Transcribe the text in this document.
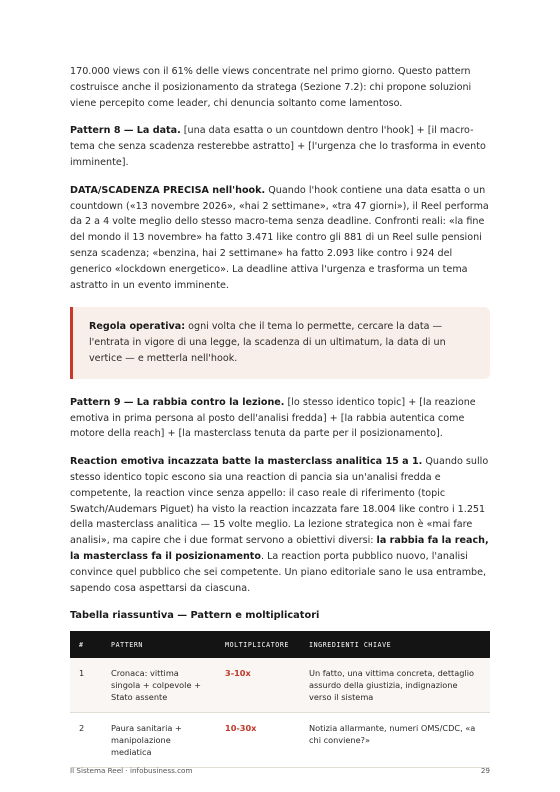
170.000 views con il 61% delle views concentrate nel primo giorno. Questo pattern costruisce anche il posizionamento da stratega (Sezione 7.2): chi propone soluzioni viene percepito come leader, chi denuncia soltanto come lamentoso.

Pattern 8 — La data. [una data esatta o un countdown dentro l'hook] + [il macro-tema che senza scadenza resterebbe astratto] + [l'urgenza che lo trasforma in evento imminente].

DATA/SCADENZA PRECISA nell'hook. Quando l'hook contiene una data esatta o un countdown («13 novembre 2026», «hai 2 settimane», «tra 47 giorni»), il Reel performa da 2 a 4 volte meglio dello stesso macro-tema senza deadline. Confronti reali: «la fine del mondo il 13 novembre» ha fatto 3.471 like contro gli 881 di un Reel sulle pensioni senza scadenza; «benzina, hai 2 settimane» ha fatto 2.093 like contro i 924 del generico «lockdown energetico». La deadline attiva l'urgenza e trasforma un tema astratto in un evento imminente.

Regola operativa: ogni volta che il tema lo permette, cercare la data — l'entrata in vigore di una legge, la scadenza di un ultimatum, la data di un vertice — e metterla nell'hook.

Pattern 9 — La rabbia contro la lezione. [lo stesso identico topic] + [la reazione emotiva in prima persona al posto dell'analisi fredda] + [la rabbia autentica come motore della reach] + [la masterclass tenuta da parte per il posizionamento].

Reaction emotiva incazzata batte la masterclass analitica 15 a 1. Quando sullo stesso identico topic escono sia una reaction di pancia sia un'analisi fredda e competente, la reaction vince senza appello: il caso reale di riferimento (topic Swatch/Audemars Piguet) ha visto la reaction incazzata fare 18.004 like contro i 1.251 della masterclass analitica — 15 volte meglio. La lezione strategica non è «mai fare analisi», ma capire che i due format servono a obiettivi diversi: la rabbia fa la reach, la masterclass fa il posizionamento. La reaction porta pubblico nuovo, l'analisi convince quel pubblico che sei competente. Un piano editoriale sano le usa entrambe, sapendo cosa aspettarsi da ciascuna.

Tabella riassuntiva — Pattern e moltiplicatori
#	PATTERN	MOLTIPLICATORE	INGREDIENTI CHIAVE
1	Cronaca: vittima singola + colpevole + Stato assente	3-10x	Un fatto, una vittima concreta, dettaglio assurdo della giustizia, indignazione verso il sistema
2	Paura sanitaria + manipolazione mediatica	10-30x	Notizia allarmante, numeri OMS/CDC, «a chi conviene?»
Il Sistema Reel · infobusiness.com	29
